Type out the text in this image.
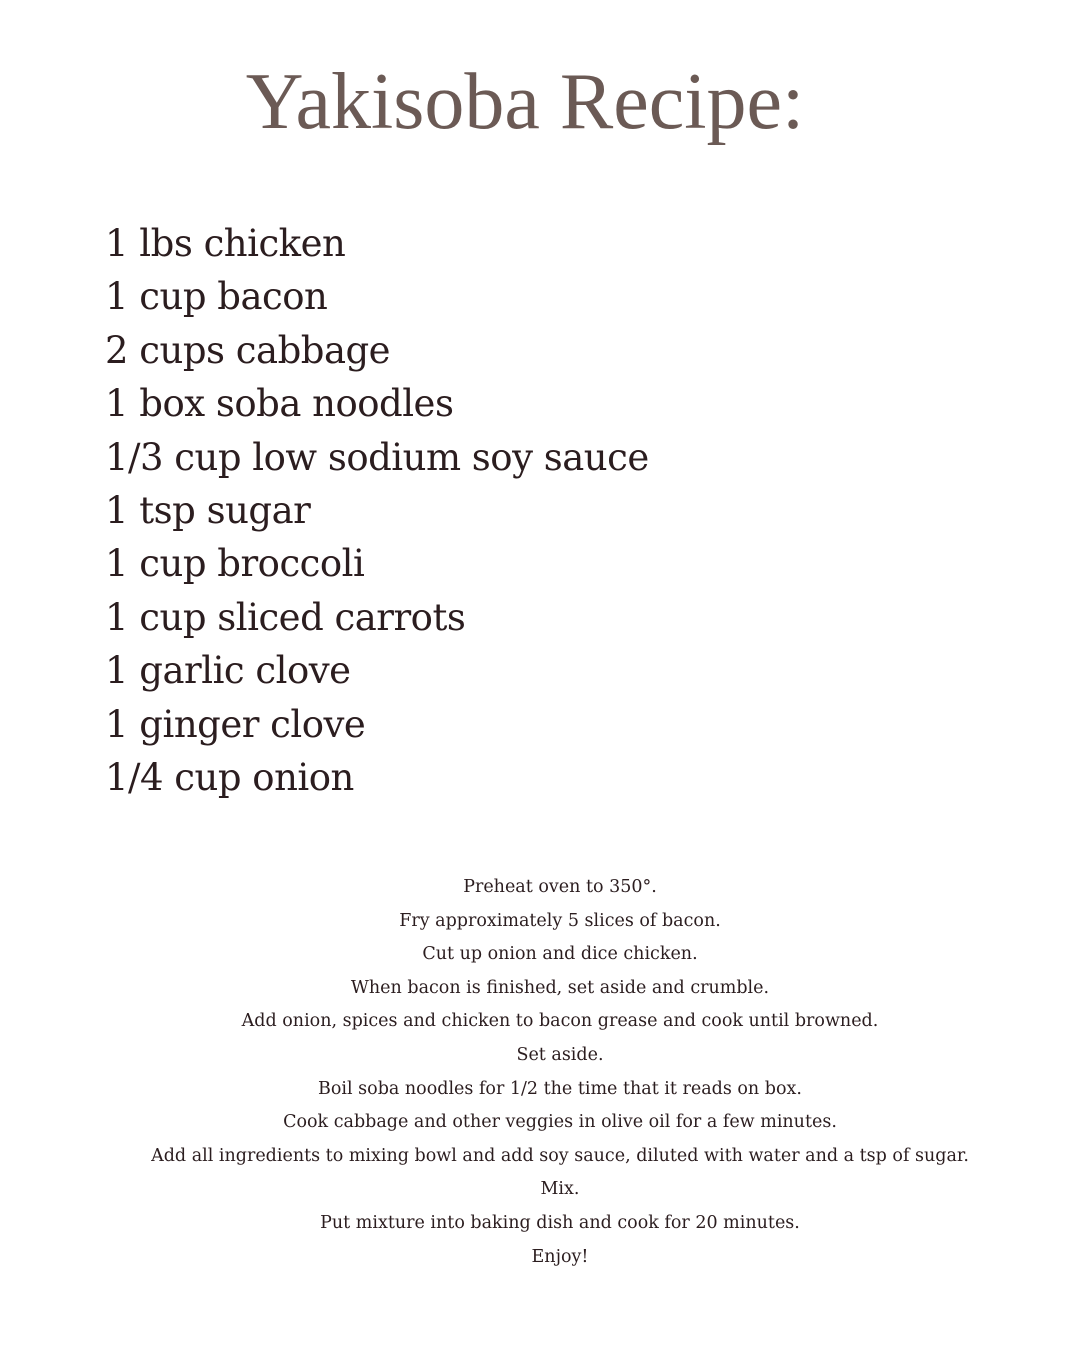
Yakisoba Recipe:
1 lbs chicken
1 cup bacon
2 cups cabbage
1 box soba noodles
1/3 cup low sodium soy sauce
1 tsp sugar
1 cup broccoli
1 cup sliced carrots
1 garlic clove
1 ginger clove
1/4 cup onion
Preheat oven to 350°.
Fry approximately 5 slices of bacon.
Cut up onion and dice chicken.
When bacon is finished, set aside and crumble.
Add onion, spices and chicken to bacon grease and cook until browned.
Set aside.
Boil soba noodles for 1/2 the time that it reads on box.
Cook cabbage and other veggies in olive oil for a few minutes.
Add all ingredients to mixing bowl and add soy sauce, diluted with water and a tsp of sugar.
Mix.
Put mixture into baking dish and cook for 20 minutes.
Enjoy!
